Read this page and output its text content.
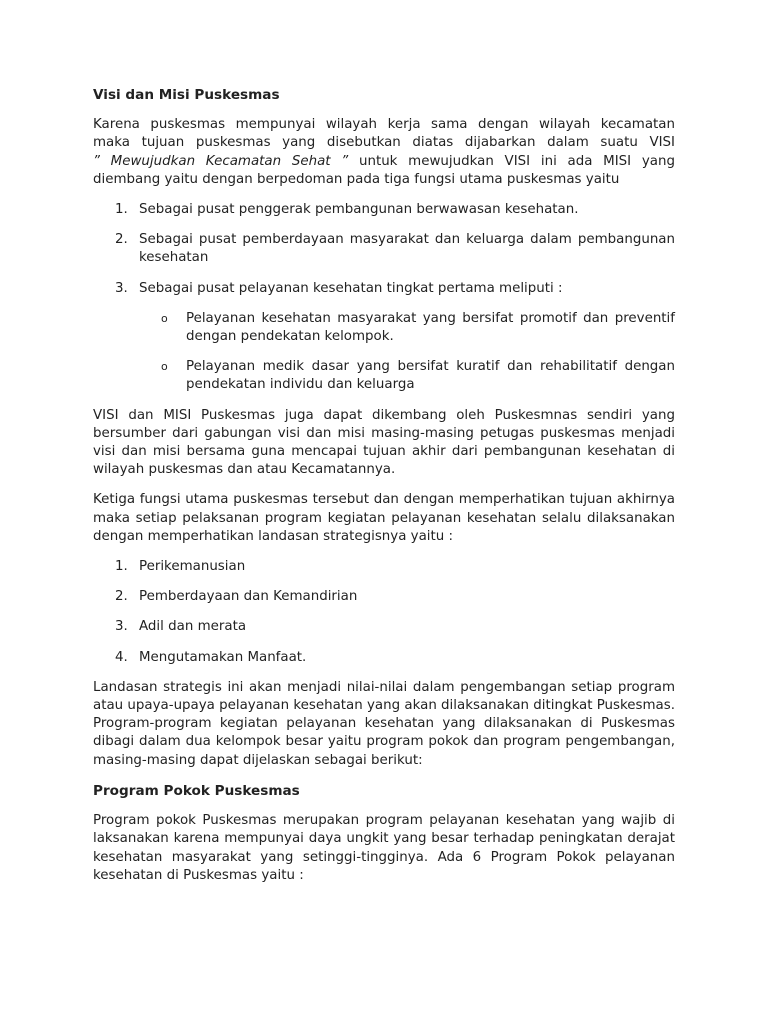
Visi dan Misi Puskesmas
Karena puskesmas mempunyai wilayah kerja sama dengan wilayah kecamatan
maka tujuan puskesmas yang disebutkan diatas dijabarkan dalam suatu VISI
” Mewujudkan Kecamatan Sehat ” untuk mewujudkan VISI ini ada MISI yang
diembang yaitu dengan berpedoman pada tiga fungsi utama puskesmas yaitu
1. Sebagai pusat penggerak pembangunan berwawasan kesehatan.
2. Sebagai pusat pemberdayaan masyarakat dan keluarga dalam pembangunan kesehatan
3. Sebagai pusat pelayanan kesehatan tingkat pertama meliputi :
o Pelayanan kesehatan masyarakat yang bersifat promotif dan preventif dengan pendekatan kelompok.
o Pelayanan medik dasar yang bersifat kuratif dan rehabilitatif dengan pendekatan individu dan keluarga
VISI dan MISI Puskesmas juga dapat dikembang oleh Puskesmnas sendiri yang bersumber dari gabungan visi dan misi masing-masing petugas puskesmas menjadi visi dan misi bersama guna mencapai tujuan akhir dari pembangunan kesehatan di wilayah puskesmas dan atau Kecamatannya.
Ketiga fungsi utama puskesmas tersebut dan dengan memperhatikan tujuan akhirnya maka setiap pelaksanan program kegiatan pelayanan kesehatan selalu dilaksanakan dengan memperhatikan landasan strategisnya yaitu :
1. Perikemanusian
2. Pemberdayaan dan Kemandirian
3. Adil dan merata
4. Mengutamakan Manfaat.
Landasan strategis ini akan menjadi nilai-nilai dalam pengembangan setiap program atau upaya-upaya pelayanan kesehatan yang akan dilaksanakan ditingkat Puskesmas. Program-program kegiatan pelayanan kesehatan yang dilaksanakan di Puskesmas dibagi dalam dua kelompok besar yaitu program pokok dan program pengembangan, masing-masing dapat dijelaskan sebagai berikut:
Program Pokok Puskesmas
Program pokok Puskesmas merupakan program pelayanan kesehatan yang wajib di laksanakan karena mempunyai daya ungkit yang besar terhadap peningkatan derajat kesehatan masyarakat yang setinggi-tingginya. Ada 6 Program Pokok pelayanan kesehatan di Puskesmas yaitu :
